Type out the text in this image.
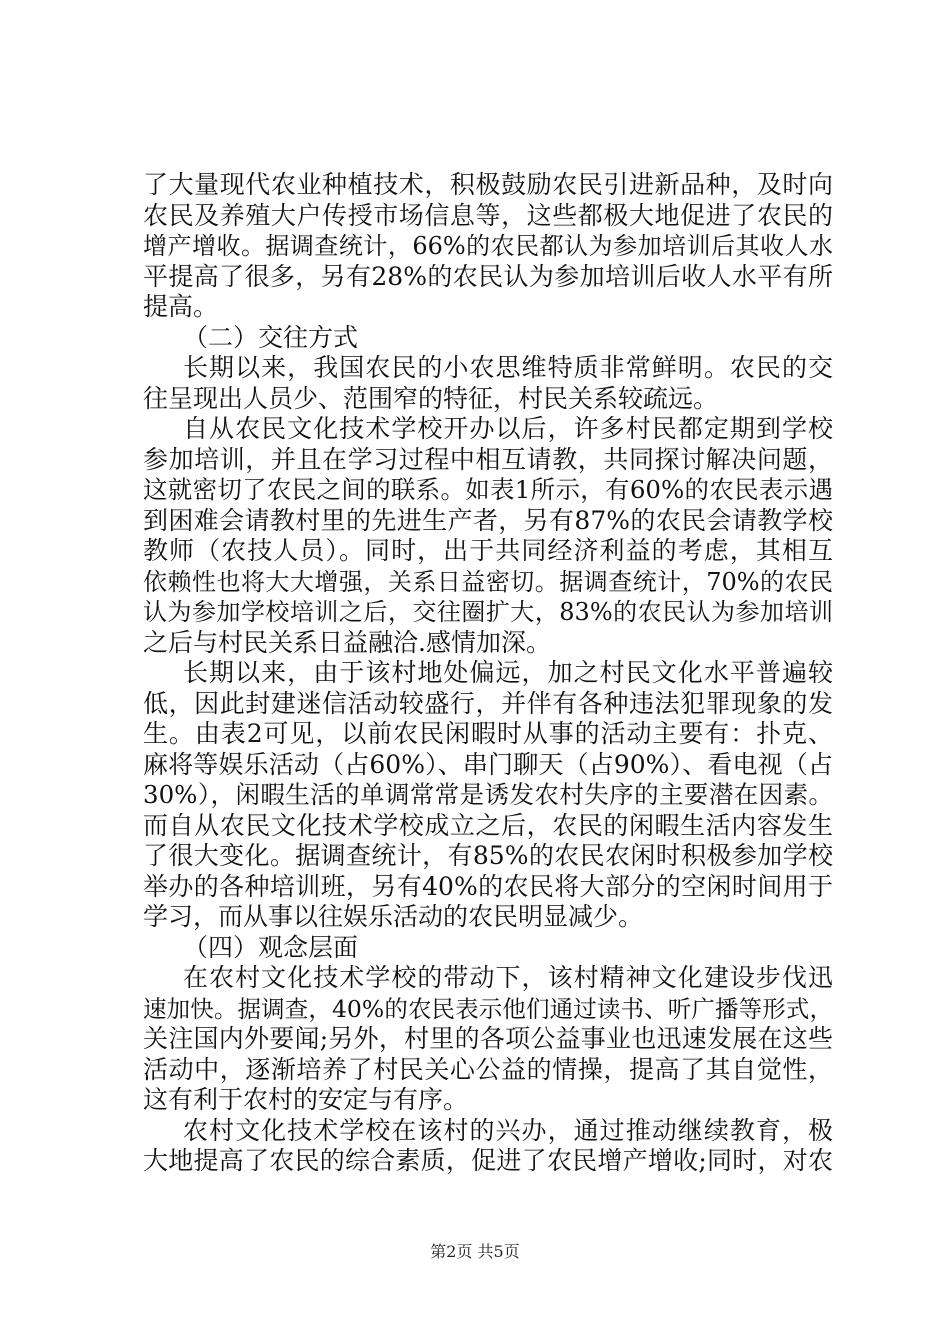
了大量现代农业种植技术，积极鼓励农民引进新品种，及时向
农民及养殖大户传授市场信息等，这些都极大地促进了农民的
增产增收。据调查统计，66%的农民都认为参加培训后其收人水
平提高了很多，另有28%的农民认为参加培训后收人水平有所
提高。
（二）交往方式
长期以来，我国农民的小农思维特质非常鲜明。农民的交
往呈现出人员少、范围窄的特征，村民关系较疏远。
自从农民文化技术学校开办以后，许多村民都定期到学校
参加培训，并且在学习过程中相互请教，共同探讨解决问题，
这就密切了农民之间的联系。如表1所示，有60%的农民表示遇
到困难会请教村里的先进生产者，另有87%的农民会请教学校
教师（农技人员）。同时，出于共同经济利益的考虑，其相互
依赖性也将大大增强，关系日益密切。据调查统计，70%的农民
认为参加学校培训之后，交往圈扩大，83%的农民认为参加培训
之后与村民关系日益融洽.感情加深。
长期以来，由于该村地处偏远，加之村民文化水平普遍较
低，因此封建迷信活动较盛行，并伴有各种违法犯罪现象的发
生。由表2可见，以前农民闲暇时从事的活动主要有：扑克、
麻将等娱乐活动（占60%）、串门聊天（占90%）、看电视（占
30%），闲暇生活的单调常常是诱发农村失序的主要潜在因素。
而自从农民文化技术学校成立之后，农民的闲暇生活内容发生
了很大变化。据调查统计，有85%的农民农闲时积极参加学校
举办的各种培训班，另有40%的农民将大部分的空闲时间用于
学习，而从事以往娱乐活动的农民明显减少。
（四）观念层面
在农村文化技术学校的带动下，该村精神文化建设步伐迅
速加快。据调查，40%的农民表示他们通过读书、听广播等形式，
关注国内外要闻;另外，村里的各项公益事业也迅速发展在这些
活动中，逐渐培养了村民关心公益的情操，提高了其自觉性，
这有利于农村的安定与有序。
农村文化技术学校在该村的兴办，通过推动继续教育，极
大地提高了农民的综合素质，促进了农民增产增收;同时，对农
第2页 共5页
